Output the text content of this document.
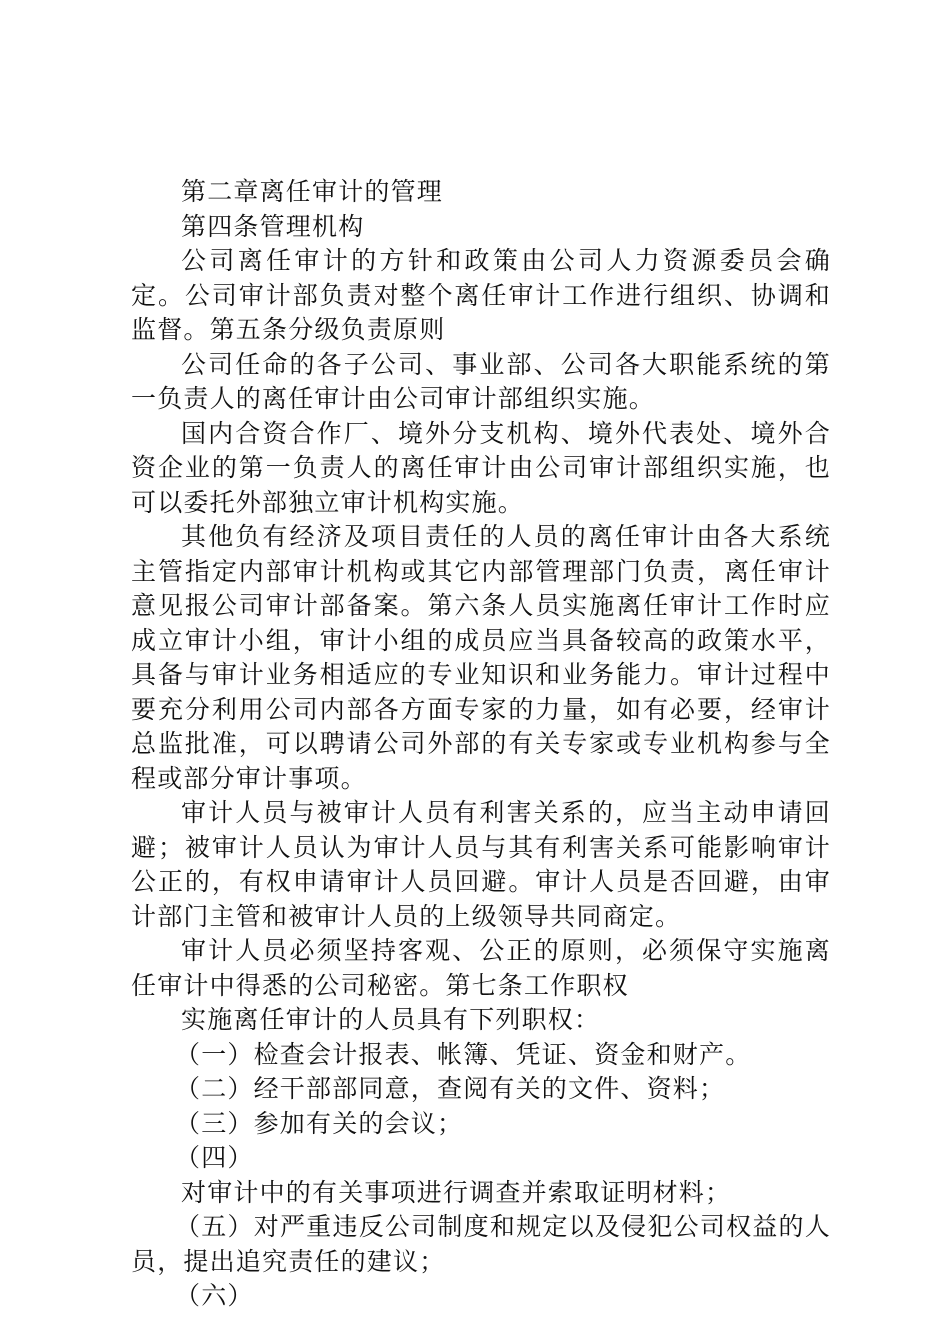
第二章离任审计的管理

第四条管理机构

公司离任审计的方针和政策由公司人力资源委员会确定。公司审计部负责对整个离任审计工作进行组织、协调和监督。第五条分级负责原则

公司任命的各子公司、事业部、公司各大职能系统的第一负责人的离任审计由公司审计部组织实施。

国内合资合作厂、境外分支机构、境外代表处、境外合资企业的第一负责人的离任审计由公司审计部组织实施，也可以委托外部独立审计机构实施。

其他负有经济及项目责任的人员的离任审计由各大系统主管指定内部审计机构或其它内部管理部门负责，离任审计意见报公司审计部备案。第六条人员实施离任审计工作时应成立审计小组，审计小组的成员应当具备较高的政策水平，具备与审计业务相适应的专业知识和业务能力。审计过程中要充分利用公司内部各方面专家的力量，如有必要，经审计总监批准，可以聘请公司外部的有关专家或专业机构参与全程或部分审计事项。

审计人员与被审计人员有利害关系的，应当主动申请回避；被审计人员认为审计人员与其有利害关系可能影响审计公正的，有权申请审计人员回避。审计人员是否回避，由审计部门主管和被审计人员的上级领导共同商定。

审计人员必须坚持客观、公正的原则，必须保守实施离任审计中得悉的公司秘密。第七条工作职权

实施离任审计的人员具有下列职权：

（一）检查会计报表、帐簿、凭证、资金和财产。

（二）经干部部同意，查阅有关的文件、资料；

（三）参加有关的会议；

（四）

对审计中的有关事项进行调查并索取证明材料；

（五）对严重违反公司制度和规定以及侵犯公司权益的人员，提出追究责任的建议；

（六）
